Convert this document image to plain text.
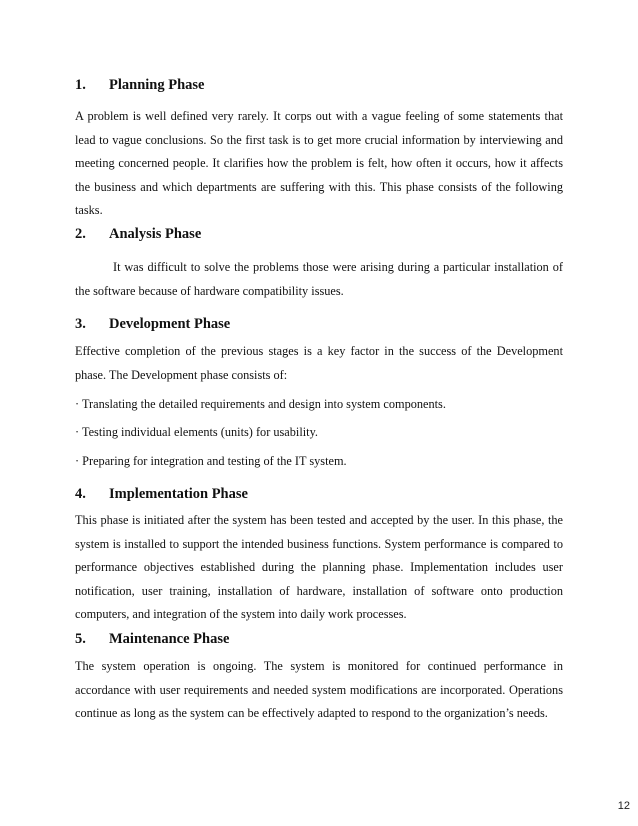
1. Planning Phase
A problem is well defined very rarely. It corps out with a vague feeling of some statements that lead to vague conclusions. So the first task is to get more crucial information by interviewing and meeting concerned people. It clarifies how the problem is felt, how often it occurs, how it affects the business and which departments are suffering with this. This phase consists of the following tasks.
2. Analysis Phase
It was difficult to solve the problems those were arising during a particular installation of the software because of hardware compatibility issues.
3. Development Phase
Effective completion of the previous stages is a key factor in the success of the Development phase. The Development phase consists of:
· Translating the detailed requirements and design into system components.
· Testing individual elements (units) for usability.
· Preparing for integration and testing of the IT system.
4. Implementation Phase
This phase is initiated after the system has been tested and accepted by the user. In this phase, the system is installed to support the intended business functions. System performance is compared to performance objectives established during the planning phase. Implementation includes user notification, user training, installation of hardware, installation of software onto production computers, and integration of the system into daily work processes.
5. Maintenance Phase
The system operation is ongoing. The system is monitored for continued performance in accordance with user requirements and needed system modifications are incorporated. Operations continue as long as the system can be effectively adapted to respond to the organization’s needs.
12
